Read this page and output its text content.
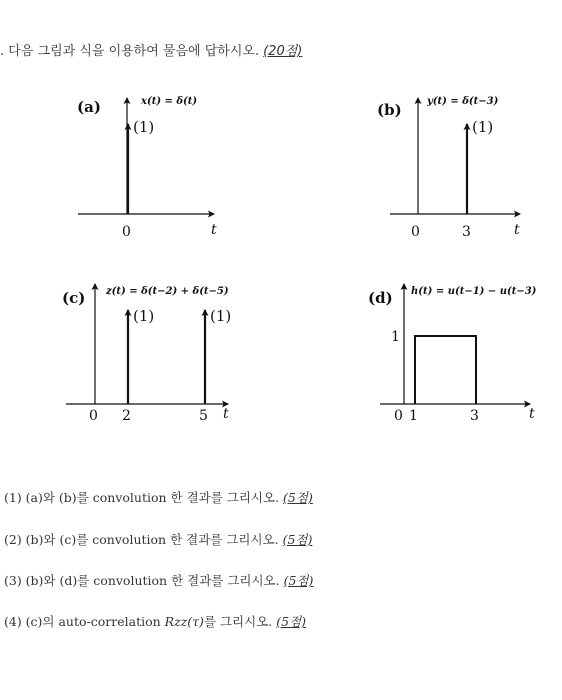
. 다음 그림과 식을 이용하여 물음에 답하시오. (20점)
(a)	x(t) = δ(t)
(1)
0	t
(b)	y(t) = δ(t−3)
(1)
0	3	t
(c) z(t) = δ(t−2) + δ(t−5)
(1)	(1)
0 2	5 t
(d) h(t) = u(t−1) − u(t−3)
1
0 1	3	t
(1) (a)와 (b)를 convolution 한 결과를 그리시오. (5점)
(2) (b)와 (c)를 convolution 한 결과를 그리시오. (5점)
(3) (b)와 (d)를 convolution 한 결과를 그리시오. (5점)
(4) (c)의 auto-correlation Rzz(τ)를 그리시오. (5점)
